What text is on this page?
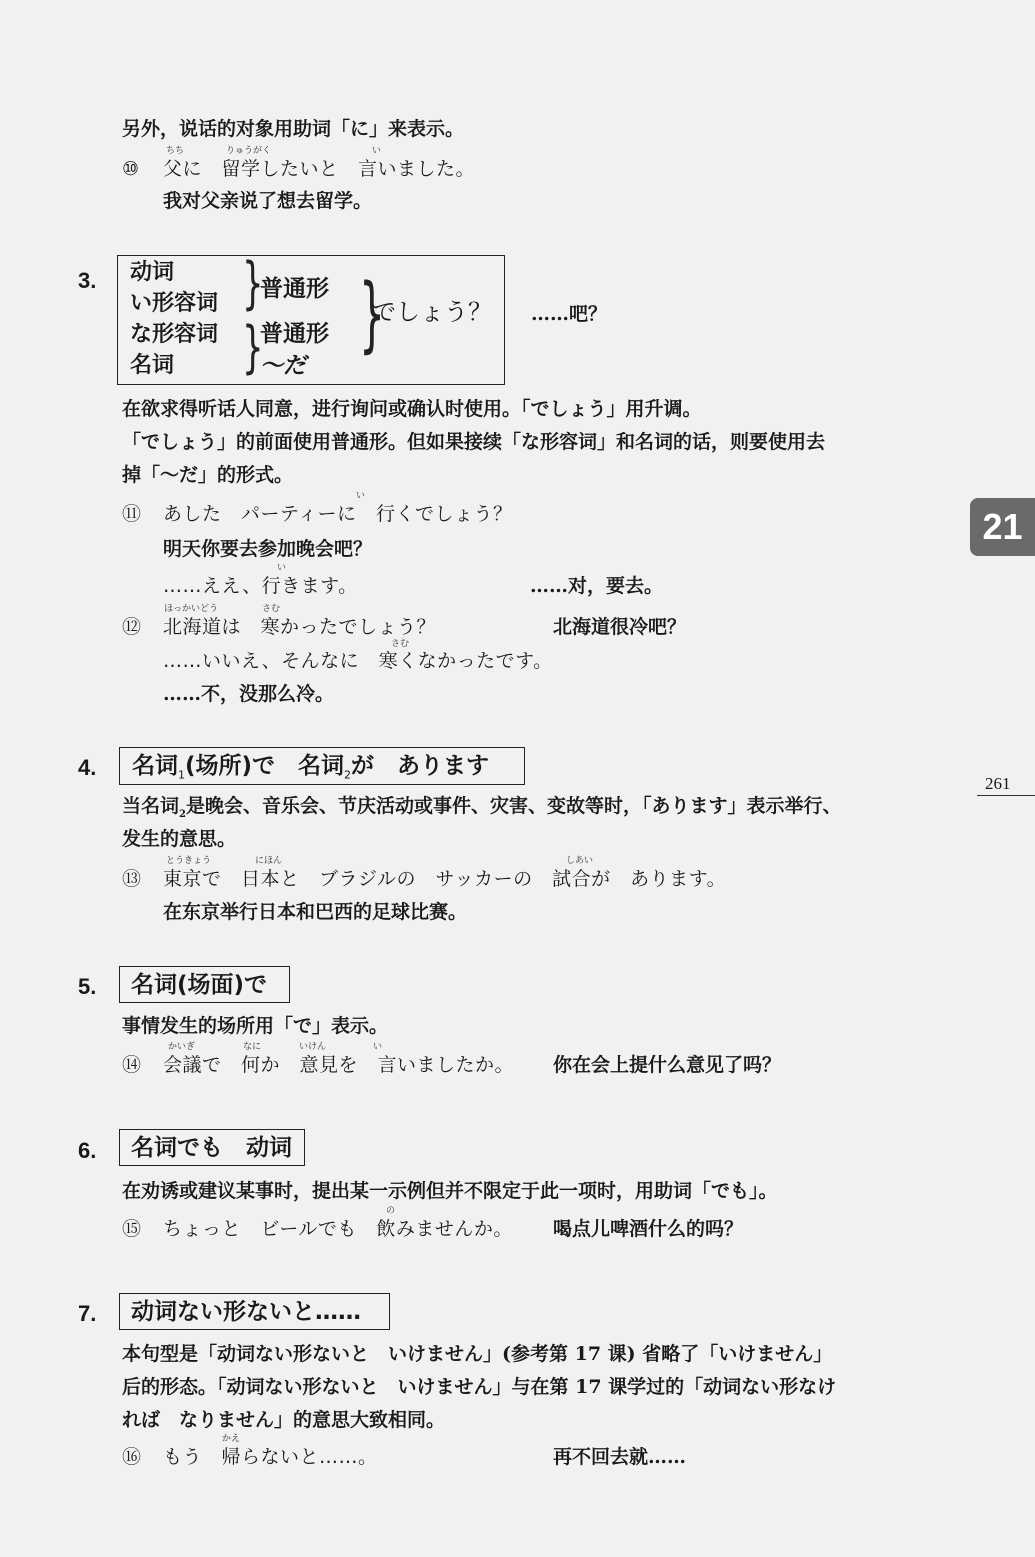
21
261
另外，说话的对象用助词「に」来表示。
⑩
ちち	りゅうがく	い
父に　留学したいと　言いました。
我对父亲说了想去留学。
3. 动词
い形容词
な形容词
名词
}
}
普通形
普通形
～だ
}
でしょう？ ……吧？
在欲求得听话人同意，进行询问或确认时使用。「でしょう」用升调。
「でしょう」的前面使用普通形。但如果接续「な形容词」和名词的话，则要使用去
掉「～だ」的形式。
⑪
い
あした　パーティーに　行くでしょう？
明天你要去参加晚会吧？
い
……ええ、行きます。	……对，要去。
⑫
ほっかいどう	さむ
北海道は　寒かったでしょう？	北海道很冷吧？
さむ
……いいえ、そんなに　寒くなかったです。
……不，没那么冷。
4. 名词$_1$(场所)で　名词$_2$が　あります
当名词$_2$是晚会、音乐会、节庆活动或事件、灾害、变故等时，「あります」表示举行、
发生的意思。
⑬
とうきょう	にほん	しあい
東京で　日本と　ブラジルの　サッカーの　試合が　あります。
在东京举行日本和巴西的足球比赛。
5. 名词(场面)で
事情发生的场所用「で」表示。
⑭
かいぎ	なに	いけん	い
会議で　何か　意見を　言いましたか。 你在会上提什么意见了吗？
6. 名词でも　动词
在劝诱或建议某事时，提出某一示例但并不限定于此一项时，用助词「でも」。
⑮
の
ちょっと　ビールでも　飲みませんか。 喝点儿啤酒什么的吗？
7. 动词ない形ないと……
本句型是「动词ない形ないと　いけません」(参考第 17 课) 省略了「いけません」
后的形态。「动词ない形ないと　いけません」与在第 17 课学过的「动词ない形なけ
れば　なりません」的意思大致相同。
⑯
かえ
もう　帰らないと……。	再不回去就……
